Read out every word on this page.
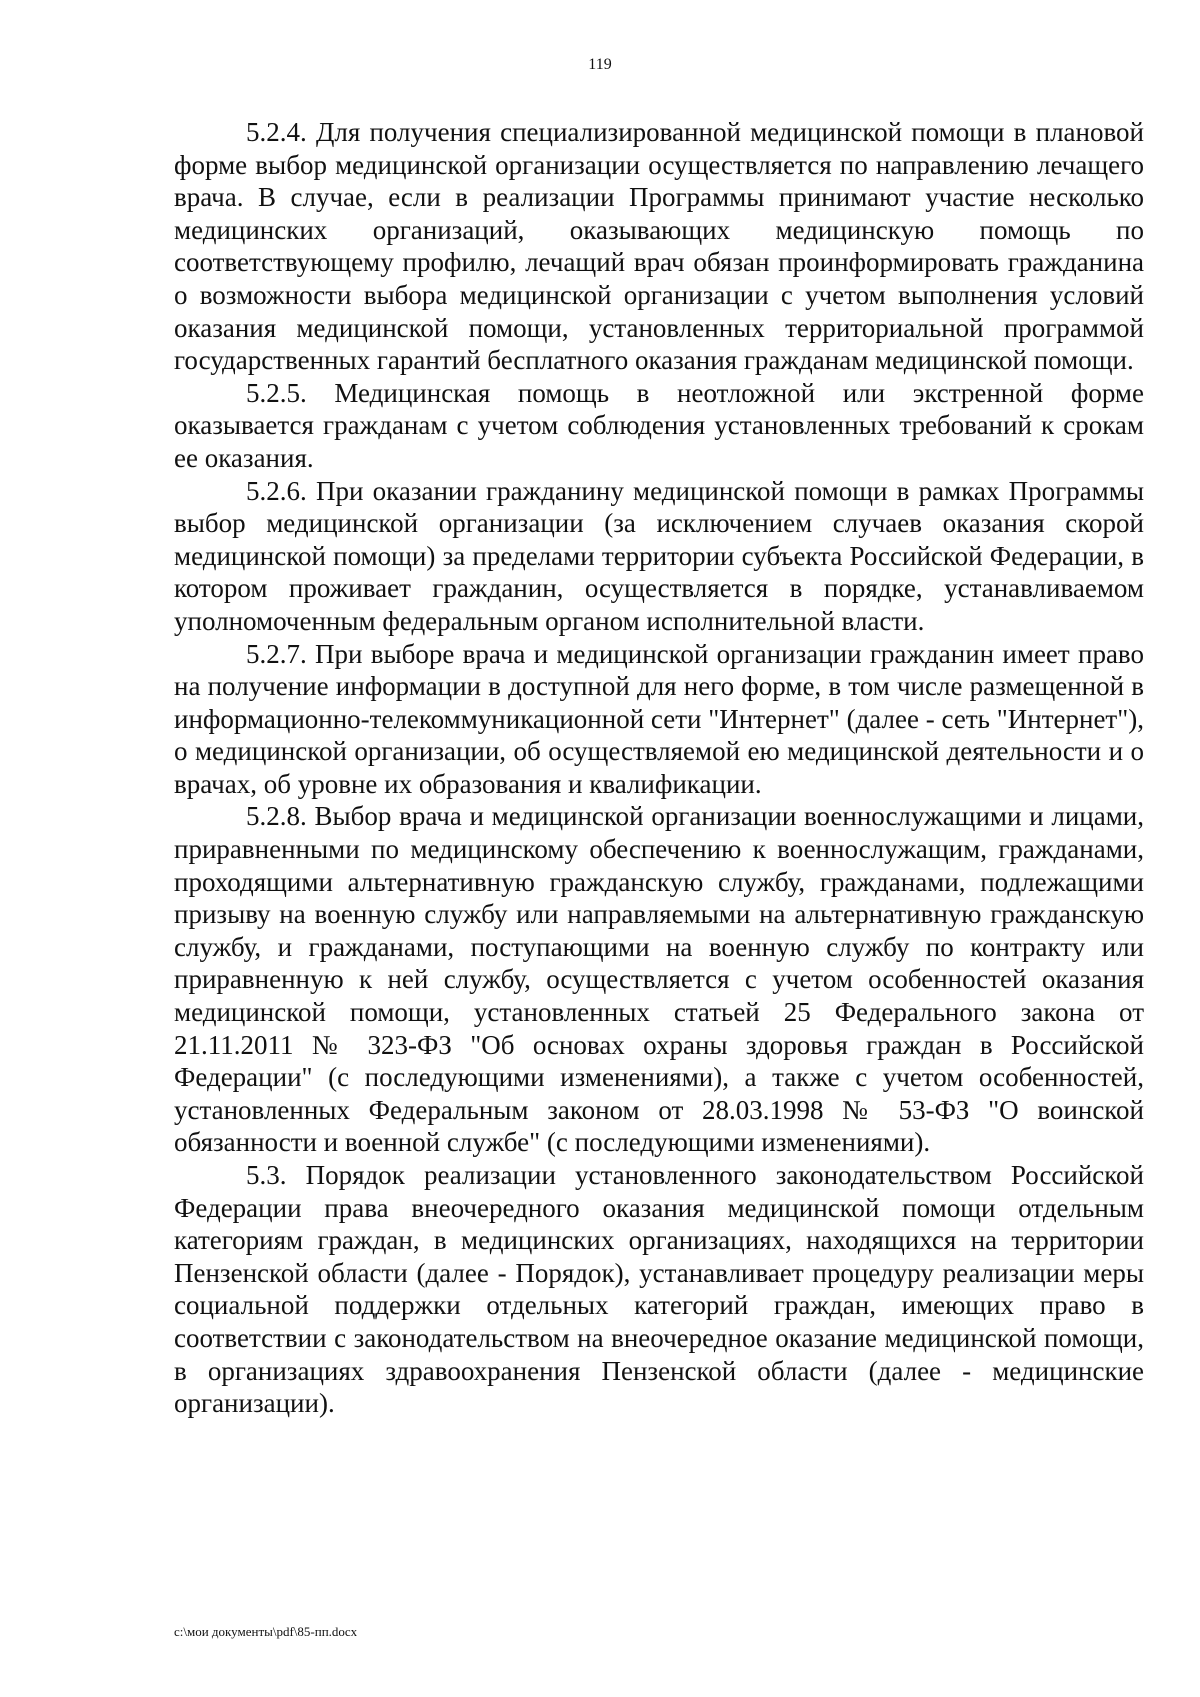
119

5.2.4. Для получения специализированной медицинской помощи в плановой форме выбор медицинской организации осуществляется по направлению лечащего врача. В случае, если в реализации Программы принимают участие несколько медицинских организаций, оказывающих медицинскую помощь по соответствующему профилю, лечащий врач обязан проинформировать гражданина о возможности выбора медицинской организации с учетом выполнения условий оказания медицинской помощи, установленных территориальной программой государственных гарантий бесплатного оказания гражданам медицинской помощи.

5.2.5. Медицинская помощь в неотложной или экстренной форме оказывается гражданам с учетом соблюдения установленных требований к срокам ее оказания.

5.2.6. При оказании гражданину медицинской помощи в рамках Программы выбор медицинской организации (за исключением случаев оказания скорой медицинской помощи) за пределами территории субъекта Российской Федерации, в котором проживает гражданин, осуществляется в порядке, устанавливаемом уполномоченным федеральным органом исполнительной власти.

5.2.7. При выборе врача и медицинской организации гражданин имеет право на получение информации в доступной для него форме, в том числе размещенной в информационно-телекоммуникационной сети "Интернет" (далее - сеть "Интернет"), о медицинской организации, об осуществляемой ею медицинской деятельности и о врачах, об уровне их образования и квалификации.

5.2.8. Выбор врача и медицинской организации военнослужащими и лицами, приравненными по медицинскому обеспечению к военнослужащим, гражданами, проходящими альтернативную гражданскую службу, гражданами, подлежащими призыву на военную службу или направляемыми на альтернативную гражданскую службу, и гражданами, поступающими на военную службу по контракту или приравненную к ней службу, осуществляется с учетом особенностей оказания медицинской помощи, установленных статьей 25 Федерального закона от 21.11.2011 № 323-ФЗ "Об основах охраны здоровья граждан в Российской Федерации" (с последующими изменениями), а также с учетом особенностей, установленных Федеральным законом от 28.03.1998 № 53-ФЗ "О воинской обязанности и военной службе" (с последующими изменениями).

5.3. Порядок реализации установленного законодательством Российской Федерации права внеочередного оказания медицинской помощи отдельным категориям граждан, в медицинских организациях, находящихся на территории Пензенской области (далее - Порядок), устанавливает процедуру реализации меры социальной поддержки отдельных категорий граждан, имеющих право в соответствии с законодательством на внеочередное оказание медицинской помощи, в организациях здравоохранения Пензенской области (далее - медицинские организации).

c:\мои документы\pdf\85-пп.docx
